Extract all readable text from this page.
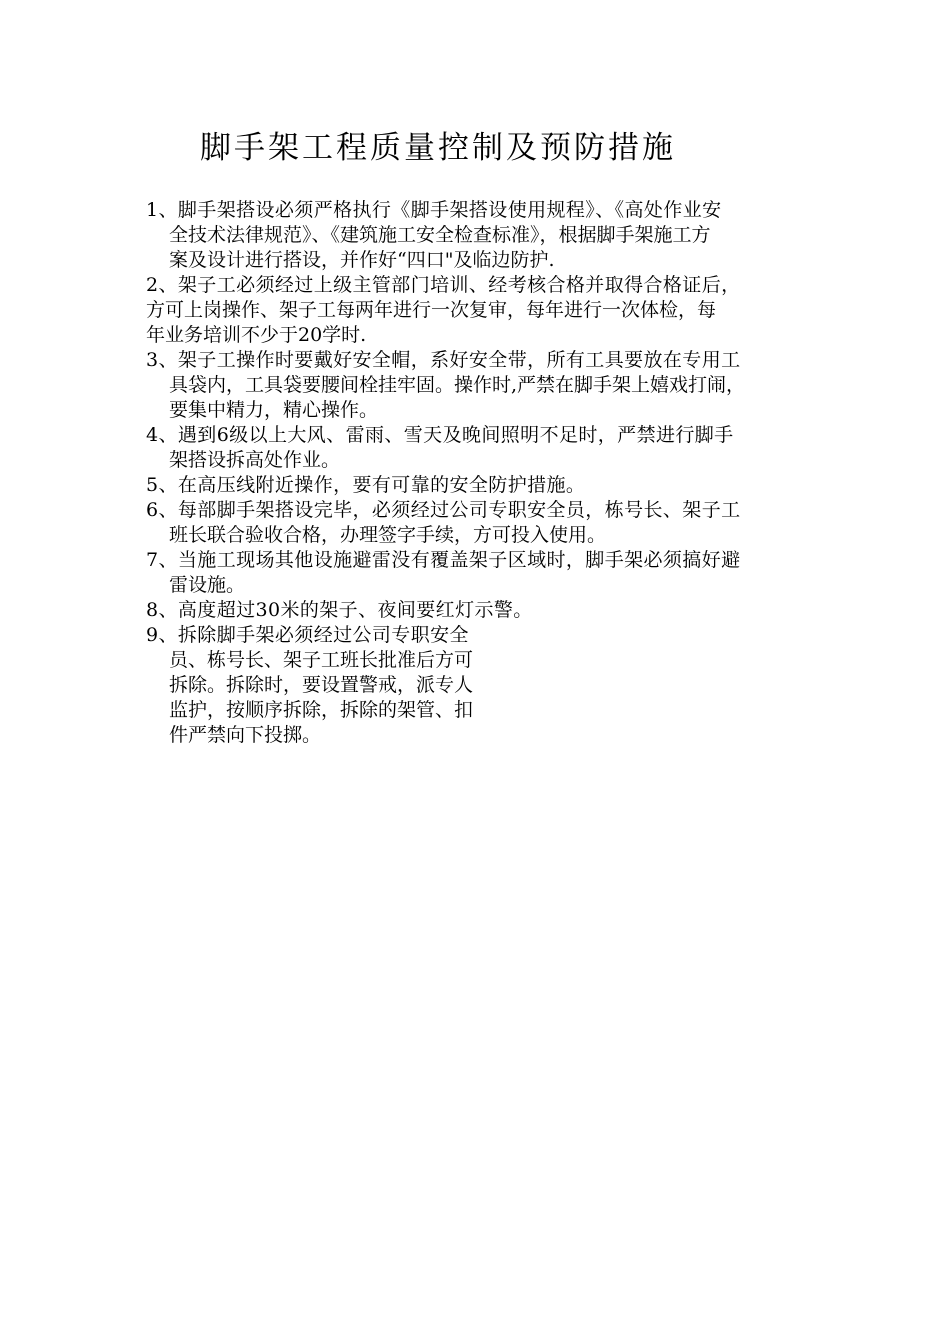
脚手架工程质量控制及预防措施
1、脚手架搭设必须严格执行《脚手架搭设使用规程》、《高处作业安
全技术法律规范》、《建筑施工安全检查标准》，根据脚手架施工方
案及设计进行搭设，并作好“四口"及临边防护.
2、架子工必须经过上级主管部门培训、经考核合格并取得合格证后，
方可上岗操作、架子工每两年进行一次复审，每年进行一次体检，每
年业务培训不少于20学时.
3、架子工操作时要戴好安全帽，系好安全带，所有工具要放在专用工
具袋内，工具袋要腰间栓挂牢固。操作时,严禁在脚手架上嬉戏打闹，
要集中精力，精心操作。
4、遇到6级以上大风、雷雨、雪天及晚间照明不足时，严禁进行脚手
架搭设拆高处作业。
5、在高压线附近操作，要有可靠的安全防护措施。
6、每部脚手架搭设完毕，必须经过公司专职安全员，栋号长、架子工
班长联合验收合格，办理签字手续，方可投入使用。
7、当施工现场其他设施避雷没有覆盖架子区域时，脚手架必须搞好避
雷设施。
8、高度超过30米的架子、夜间要红灯示警。
9、拆除脚手架必须经过公司专职安全
员、栋号长、架子工班长批准后方可
拆除。拆除时，要设置警戒，派专人
监护，按顺序拆除，拆除的架管、扣
件严禁向下投掷。
